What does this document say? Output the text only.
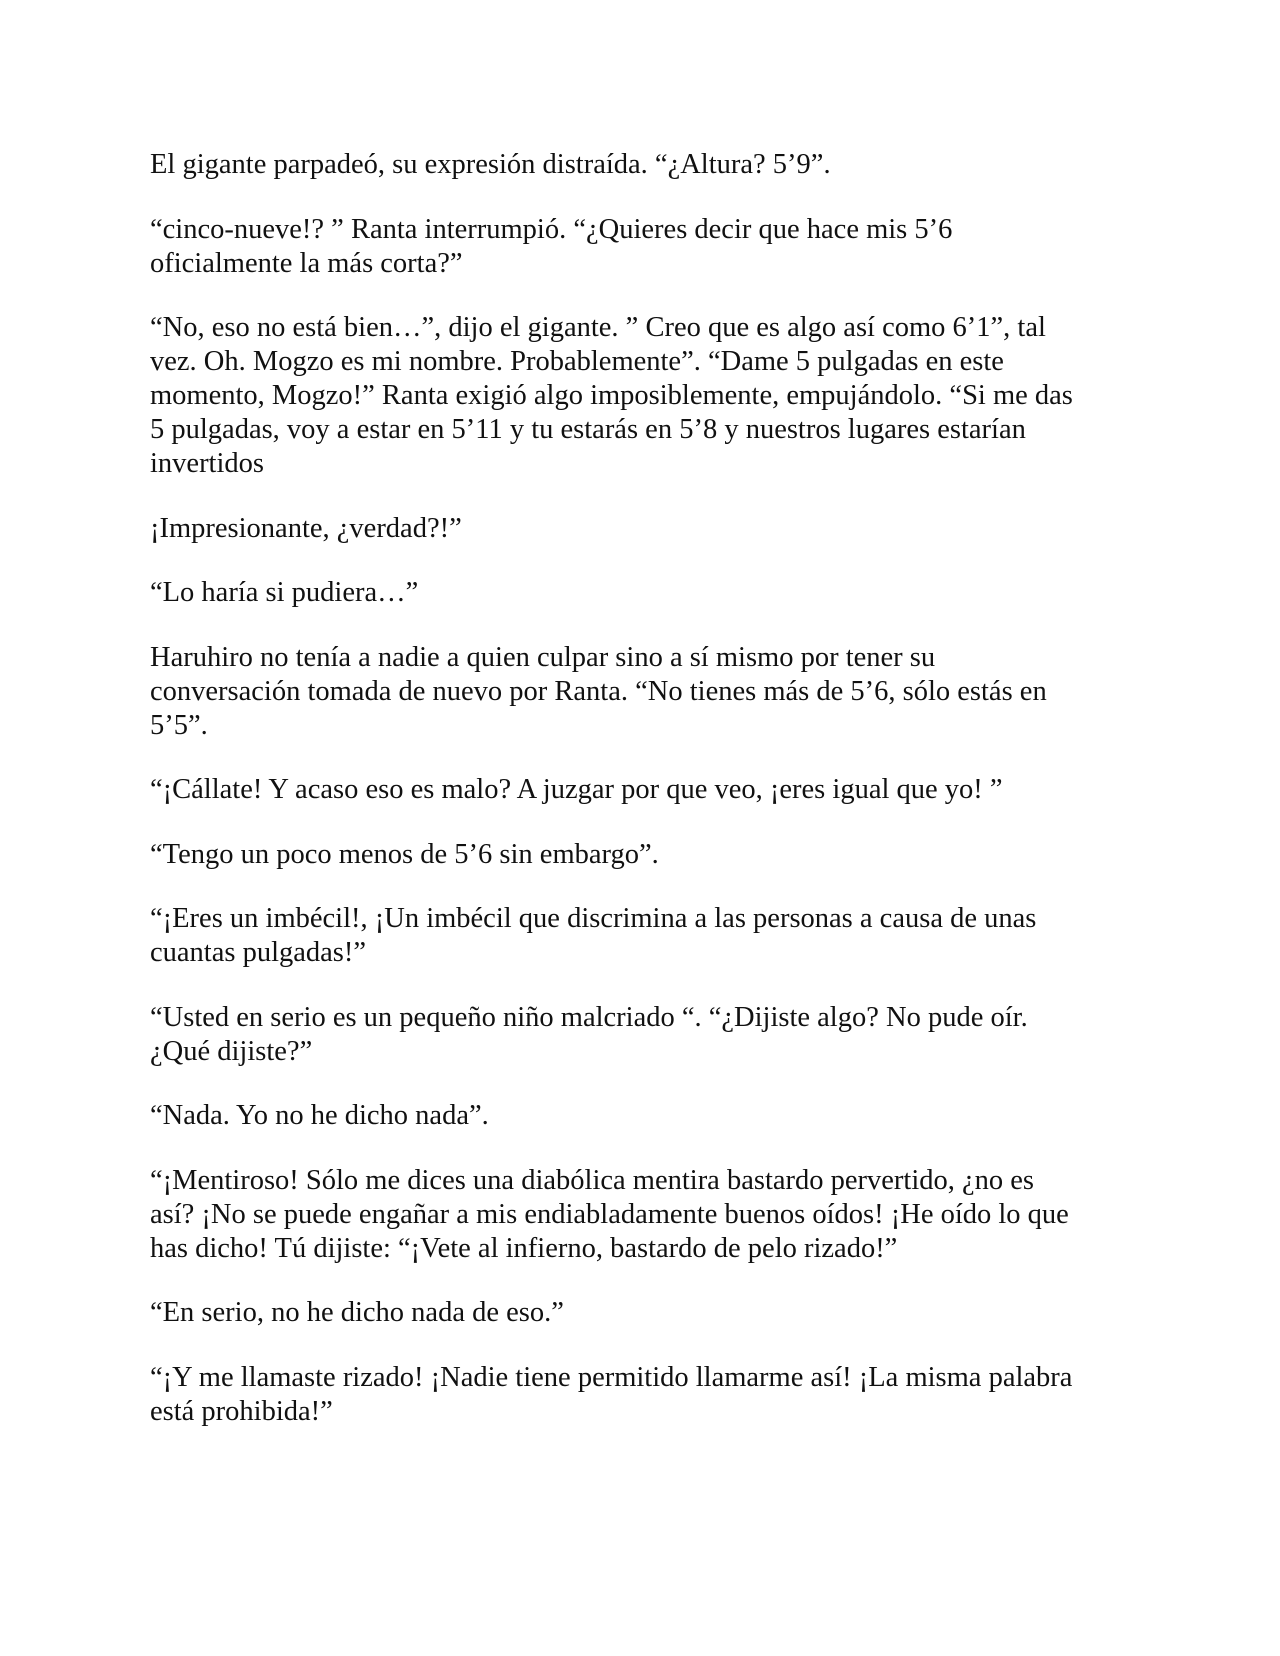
El gigante parpadeó, su expresión distraída. “¿Altura? 5’9”.

“cinco-nueve!? ” Ranta interrumpió. “¿Quieres decir que hace mis 5’6
oficialmente la más corta?”

“No, eso no está bien…”, dijo el gigante. ” Creo que es algo así como 6’1”, tal
vez. Oh. Mogzo es mi nombre. Probablemente”. “Dame 5 pulgadas en este
momento, Mogzo!” Ranta exigió algo imposiblemente, empujándolo. “Si me das
5 pulgadas, voy a estar en 5’11 y tu estarás en 5’8 y nuestros lugares estarían
invertidos

¡Impresionante, ¿verdad?!”

“Lo haría si pudiera…”

Haruhiro no tenía a nadie a quien culpar sino a sí mismo por tener su
conversación tomada de nuevo por Ranta. “No tienes más de 5’6, sólo estás en
5’5”.

“¡Cállate! Y acaso eso es malo? A juzgar por que veo, ¡eres igual que yo! ”

“Tengo un poco menos de 5’6 sin embargo”.

“¡Eres un imbécil!, ¡Un imbécil que discrimina a las personas a causa de unas
cuantas pulgadas!”

“Usted en serio es un pequeño niño malcriado “. “¿Dijiste algo? No pude oír.
¿Qué dijiste?”

“Nada. Yo no he dicho nada”.

“¡Mentiroso! Sólo me dices una diabólica mentira bastardo pervertido, ¿no es
así? ¡No se puede engañar a mis endiabladamente buenos oídos! ¡He oído lo que
has dicho! Tú dijiste: “¡Vete al infierno, bastardo de pelo rizado!”

“En serio, no he dicho nada de eso.”

“¡Y me llamaste rizado! ¡Nadie tiene permitido llamarme así! ¡La misma palabra
está prohibida!”
